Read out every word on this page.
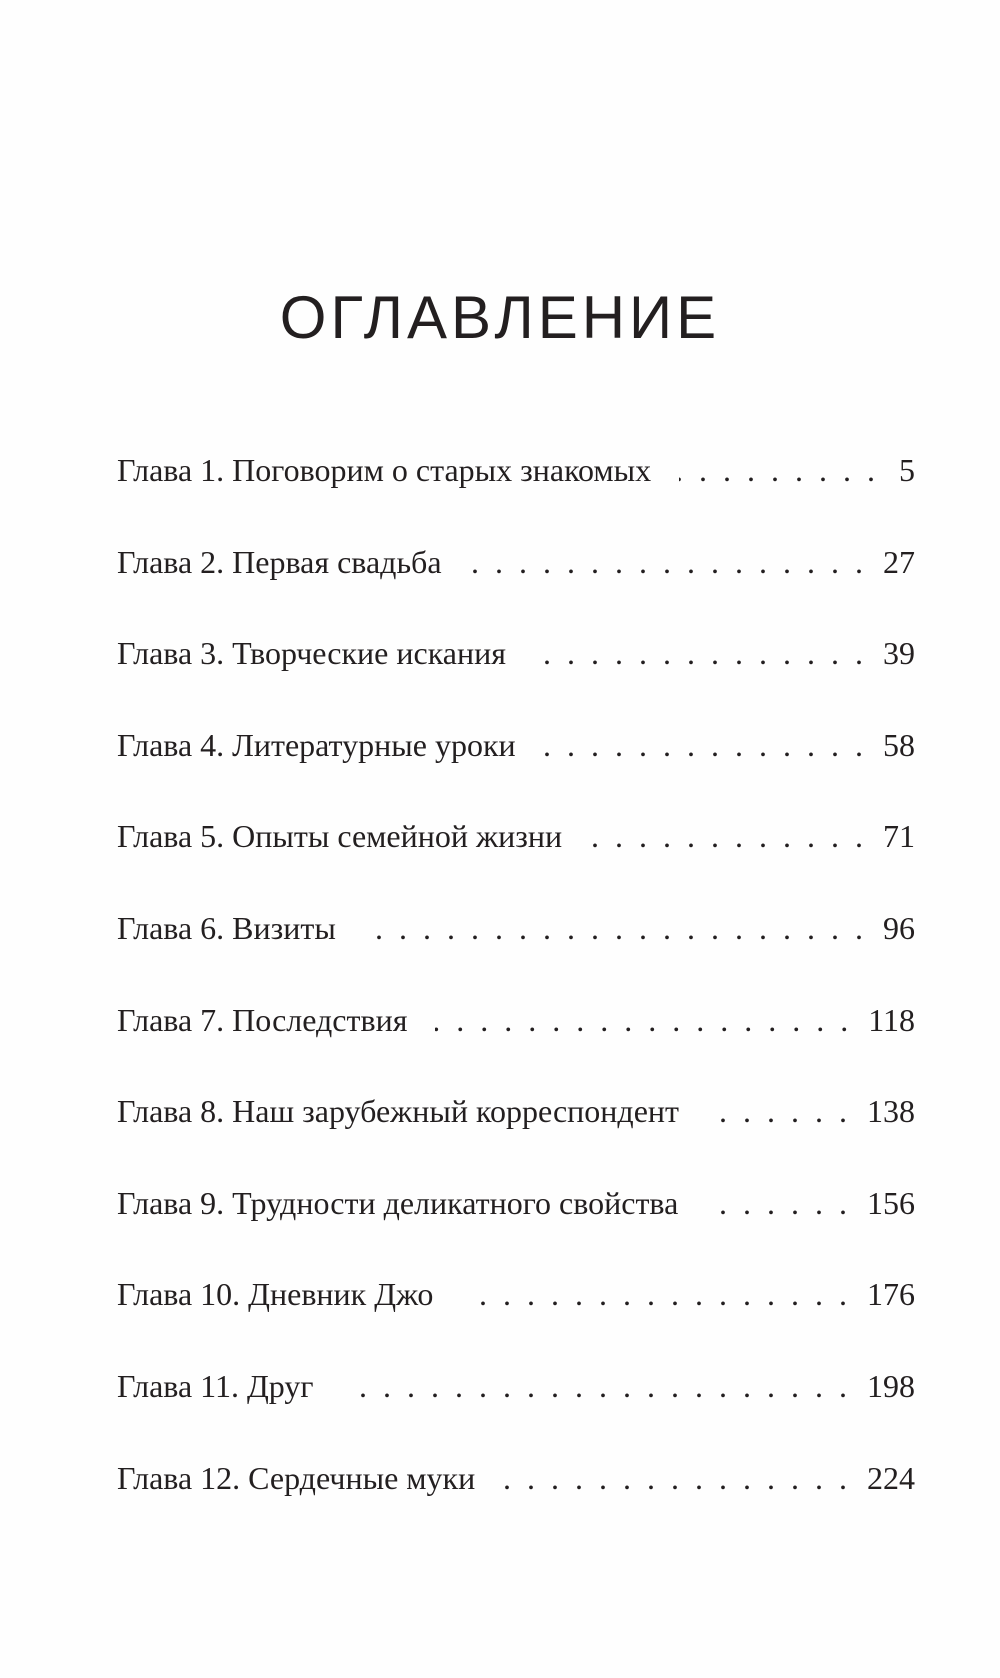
ОГЛАВЛЕНИЕ
Глава 1. Поговорим о старых знакомых . . .	5
Глава 2. Первая свадьба . . .	27
Глава 3. Творческие искания . . .	39
Глава 4. Литературные уроки . . .	58
Глава 5. Опыты семейной жизни . . .	71
Глава 6. Визиты . . .	96
Глава 7. Последствия . . .	118
Глава 8. Наш зарубежный корреспондент . . .	138
Глава 9. Трудности деликатного свойства . . .	156
Глава 10. Дневник Джо . . .	176
Глава 11. Друг . . .	198
Глава 12. Сердечные муки . . .	224
